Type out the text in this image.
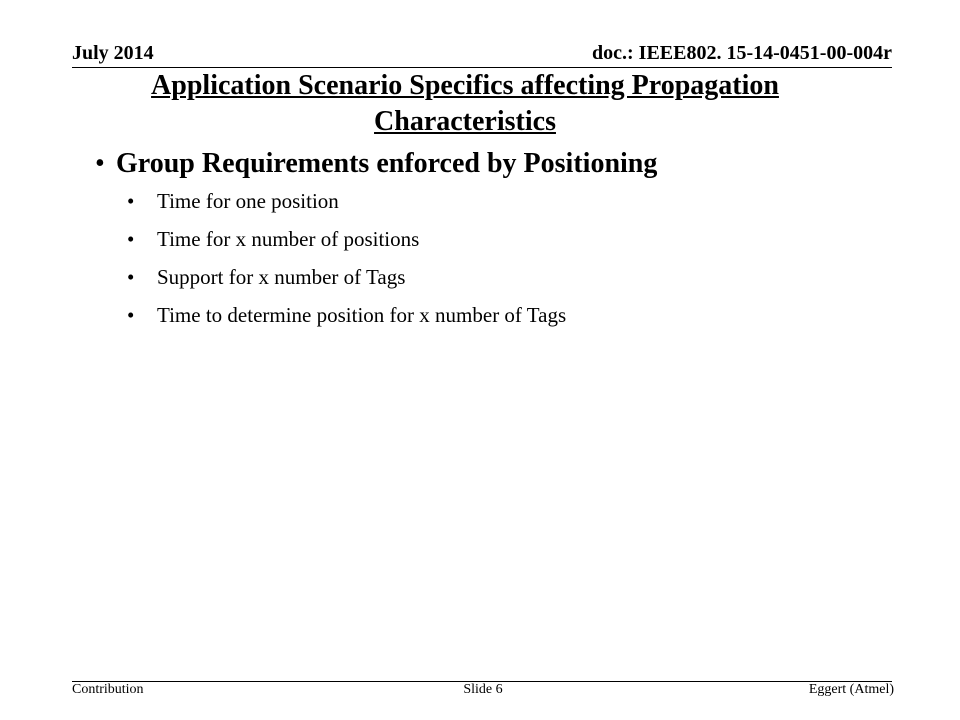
July 2014	doc.: IEEE802. 15-14-0451-00-004r
Application Scenario Specifics affecting Propagation Characteristics
• Group Requirements enforced by Positioning
• Time for one position
• Time for x number of positions
• Support for x number of Tags
• Time to determine position for x number of Tags
Contribution	Slide 6	Eggert (Atmel)
